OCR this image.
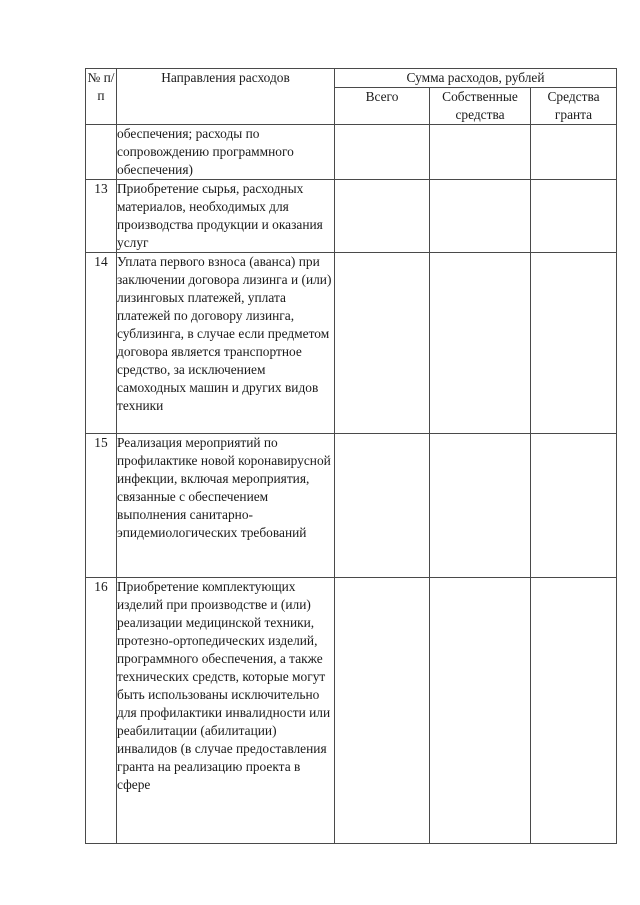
№ п/п	Направления расходов	Сумма расходов, рублей		
		Всего	Собственные средства	Средства гранта
	обеспечения; расходы по сопровождению программного обеспечения)			
13	Приобретение сырья, расходных материалов, необходимых для производства продукции и оказания услуг			
14	Уплата первого взноса (аванса) при заключении договора лизинга и (или) лизинговых платежей, уплата платежей по договору лизинга, сублизинга, в случае если предметом договора является транспортное средство, за исключением самоходных машин и других видов техники			
15	Реализация мероприятий по профилактике новой коронавирусной инфекции, включая мероприятия, связанные с обеспечением выполнения санитарно-эпидемиологических требований			
16	Приобретение комплектующих изделий при производстве и (или) реализации медицинской техники, протезно-ортопедических изделий, программного обеспечения, а также технических средств, которые могут быть использованы исключительно для профилактики инвалидности или реабилитации (абилитации) инвалидов (в случае предоставления гранта на реализацию проекта в сфере			
